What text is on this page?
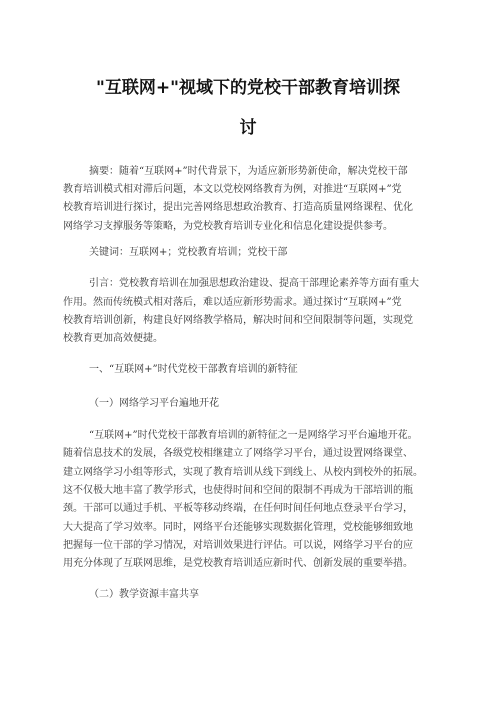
"互联网+"视域下的党校干部教育培训探
讨
摘要：随着“互联网+”时代背景下，为适应新形势新使命，解决党校干部
教育培训模式相对滞后问题，本文以党校网络教育为例，对推进“互联网+”党
校教育培训进行探讨，提出完善网络思想政治教育、打造高质量网络课程、优化
网络学习支撑服务等策略，为党校教育培训专业化和信息化建设提供参考。
关键词：互联网+；党校教育培训；党校干部
引言：党校教育培训在加强思想政治建设、提高干部理论素养等方面有重大
作用。然而传统模式相对落后，难以适应新形势需求。通过探讨“互联网+”党
校教育培训创新，构建良好网络教学格局，解决时间和空间限制等问题，实现党
校教育更加高效便捷。
一、“互联网+”时代党校干部教育培训的新特征
（一）网络学习平台遍地开花
“互联网+”时代党校干部教育培训的新特征之一是网络学习平台遍地开花。
随着信息技术的发展，各级党校相继建立了网络学习平台，通过设置网络课堂、
建立网络学习小组等形式，实现了教育培训从线下到线上、从校内到校外的拓展。
这不仅极大地丰富了教学形式，也使得时间和空间的限制不再成为干部培训的瓶
颈。干部可以通过手机、平板等移动终端，在任何时间任何地点登录平台学习，
大大提高了学习效率。同时，网络平台还能够实现数据化管理，党校能够细致地
把握每一位干部的学习情况，对培训效果进行评估。可以说，网络学习平台的应
用充分体现了互联网思维，是党校教育培训适应新时代、创新发展的重要举措。
（二）教学资源丰富共享
